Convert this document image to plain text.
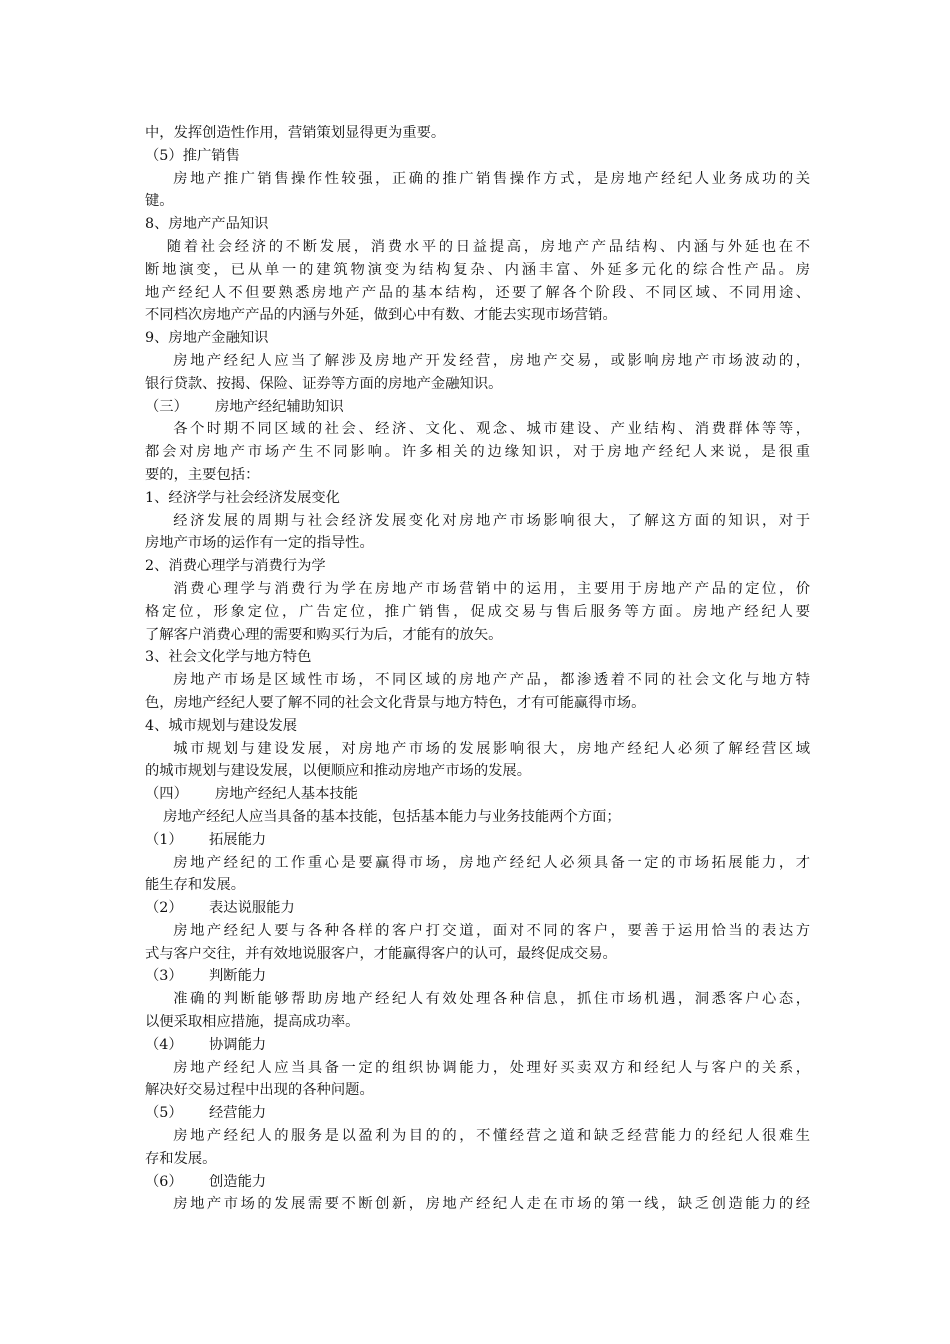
中，发挥创造性作用，营销策划显得更为重要。
（5）推广销售
房地产推广销售操作性较强，正确的推广销售操作方式，是房地产经纪人业务成功的关
键。
8、房地产产品知识
随着社会经济的不断发展，消费水平的日益提高，房地产产品结构、内涵与外延也在不
断地演变，已从单一的建筑物演变为结构复杂、内涵丰富、外延多元化的综合性产品。房
地产经纪人不但要熟悉房地产产品的基本结构，还要了解各个阶段、不同区域、不同用途、
不同档次房地产产品的内涵与外延，做到心中有数、才能去实现市场营销。
9、房地产金融知识
房地产经纪人应当了解涉及房地产开发经营，房地产交易，或影响房地产市场波动的，
银行贷款、按揭、保险、证券等方面的房地产金融知识。
（三） 房地产经纪辅助知识
各个时期不同区域的社会、经济、文化、观念、城市建设、产业结构、消费群体等等，
都会对房地产市场产生不同影响。许多相关的边缘知识，对于房地产经纪人来说，是很重
要的，主要包括：
1、经济学与社会经济发展变化
经济发展的周期与社会经济发展变化对房地产市场影响很大，了解这方面的知识，对于
房地产市场的运作有一定的指导性。
2、消费心理学与消费行为学
消费心理学与消费行为学在房地产市场营销中的运用，主要用于房地产产品的定位，价
格定位，形象定位，广告定位，推广销售，促成交易与售后服务等方面。房地产经纪人要
了解客户消费心理的需要和购买行为后，才能有的放矢。
3、社会文化学与地方特色
房地产市场是区域性市场，不同区域的房地产产品，都渗透着不同的社会文化与地方特
色，房地产经纪人要了解不同的社会文化背景与地方特色，才有可能赢得市场。
4、城市规划与建设发展
城市规划与建设发展，对房地产市场的发展影响很大，房地产经纪人必须了解经营区域
的城市规划与建设发展，以便顺应和推动房地产市场的发展。
（四） 房地产经纪人基本技能
房地产经纪人应当具备的基本技能，包括基本能力与业务技能两个方面；
（1） 拓展能力
房地产经纪的工作重心是要赢得市场，房地产经纪人必须具备一定的市场拓展能力，才
能生存和发展。
（2） 表达说服能力
房地产经纪人要与各种各样的客户打交道，面对不同的客户，要善于运用恰当的表达方
式与客户交往，并有效地说服客户，才能赢得客户的认可，最终促成交易。
（3） 判断能力
准确的判断能够帮助房地产经纪人有效处理各种信息，抓住市场机遇，洞悉客户心态，
以便采取相应措施，提高成功率。
（4） 协调能力
房地产经纪人应当具备一定的组织协调能力，处理好买卖双方和经纪人与客户的关系，
解决好交易过程中出现的各种问题。
（5） 经营能力
房地产经纪人的服务是以盈利为目的的，不懂经营之道和缺乏经营能力的经纪人很难生
存和发展。
（6） 创造能力
房地产市场的发展需要不断创新，房地产经纪人走在市场的第一线，缺乏创造能力的经
